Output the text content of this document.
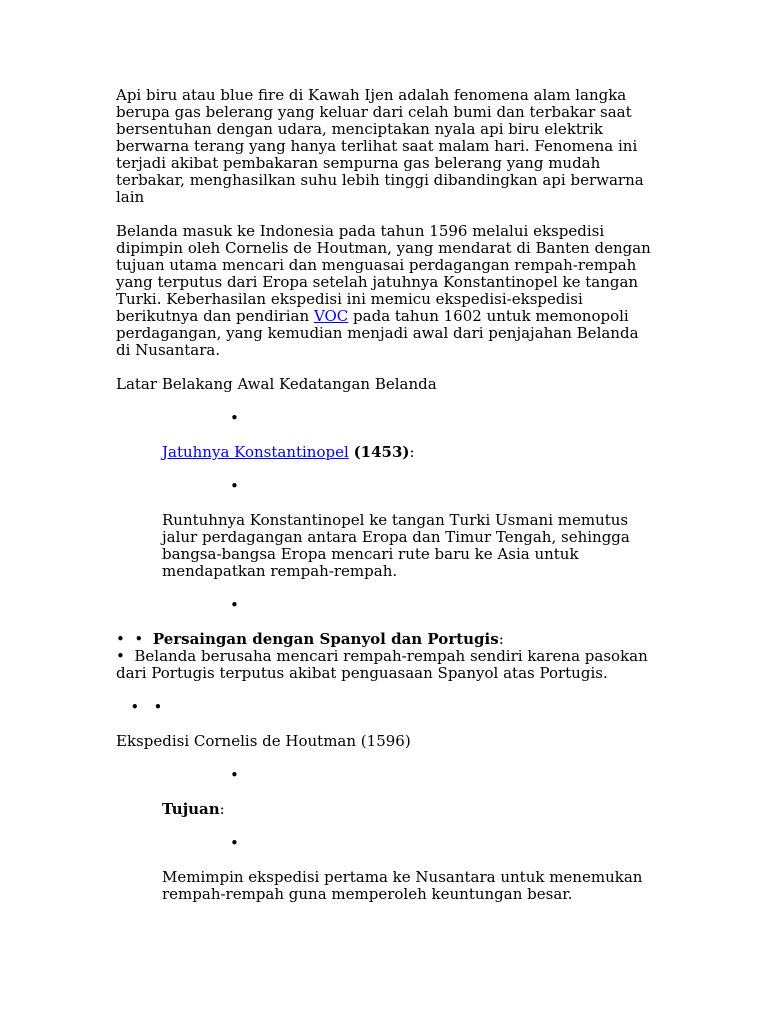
Api biru atau blue fire di Kawah Ijen adalah fenomena alam langka berupa gas belerang yang keluar dari celah bumi dan terbakar saat bersentuhan dengan udara, menciptakan nyala api biru elektrik berwarna terang yang hanya terlihat saat malam hari. Fenomena ini terjadi akibat pembakaran sempurna gas belerang yang mudah terbakar, menghasilkan suhu lebih tinggi dibandingkan api berwarna lain

Belanda masuk ke Indonesia pada tahun 1596 melalui ekspedisi dipimpin oleh Cornelis de Houtman, yang mendarat di Banten dengan tujuan utama mencari dan menguasai perdagangan rempah-rempah yang terputus dari Eropa setelah jatuhnya Konstantinopel ke tangan Turki. Keberhasilan ekspedisi ini memicu ekspedisi-ekspedisi berikutnya dan pendirian VOC pada tahun 1602 untuk memonopoli perdagangan, yang kemudian menjadi awal dari penjajahan Belanda di Nusantara.

Latar Belakang Awal Kedatangan Belanda

•

Jatuhnya Konstantinopel (1453):

•

Runtuhnya Konstantinopel ke tangan Turki Usmani memutus jalur perdagangan antara Eropa dan Timur Tengah, sehingga bangsa-bangsa Eropa mencari rute baru ke Asia untuk mendapatkan rempah-rempah.

•

• • Persaingan dengan Spanyol dan Portugis:

• Belanda berusaha mencari rempah-rempah sendiri karena pasokan dari Portugis terputus akibat penguasaan Spanyol atas Portugis.

• •

Ekspedisi Cornelis de Houtman (1596)

•

Tujuan:

•

Memimpin ekspedisi pertama ke Nusantara untuk menemukan rempah-rempah guna memperoleh keuntungan besar.
